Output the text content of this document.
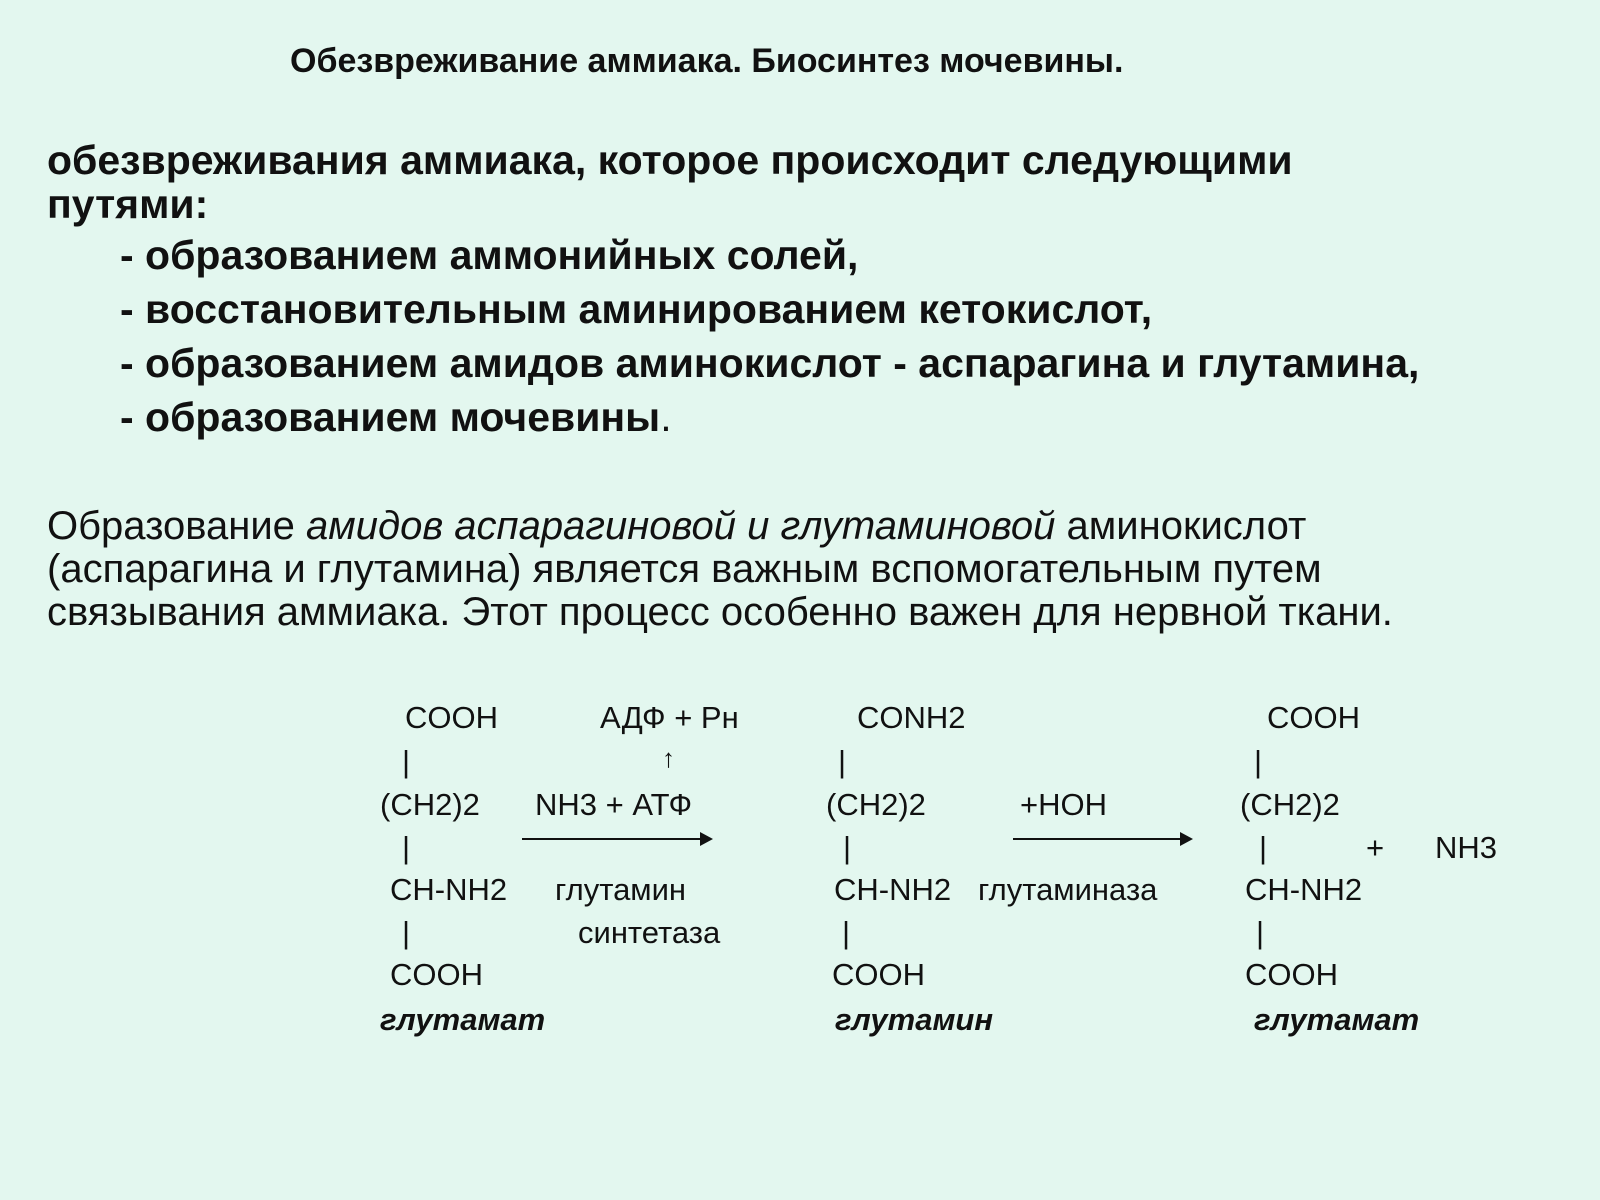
Обезвреживание аммиака. Биосинтез мочевины.
обезвреживания аммиака, которое происходит следующими
путями:
- образованием аммонийных солей,
- восстановительным аминированием кетокислот,
- образованием амидов аминокислот - аспарагина и глутамина,
- образованием мочевины.
Образование амидов аспарагиновой и глутаминовой аминокислот
(аспарагина и глутамина) является важным вспомогательным путем
связывания аммиака. Этот процесс особенно важен для нервной ткани.
COOH
|
(CH2)2
|
CH-NH2
|
COOH
глутамат
АДФ + Pн
↑
NH3 + АТФ
глутамин
синтетаза
CONH2
|
(CH2)2
|
CH-NH2
|
COOH
глутамин
+HOH
глутаминаза
COOH
|
(CH2)2
|	+ NH3
CH-NH2
|
COOH
глутамат
